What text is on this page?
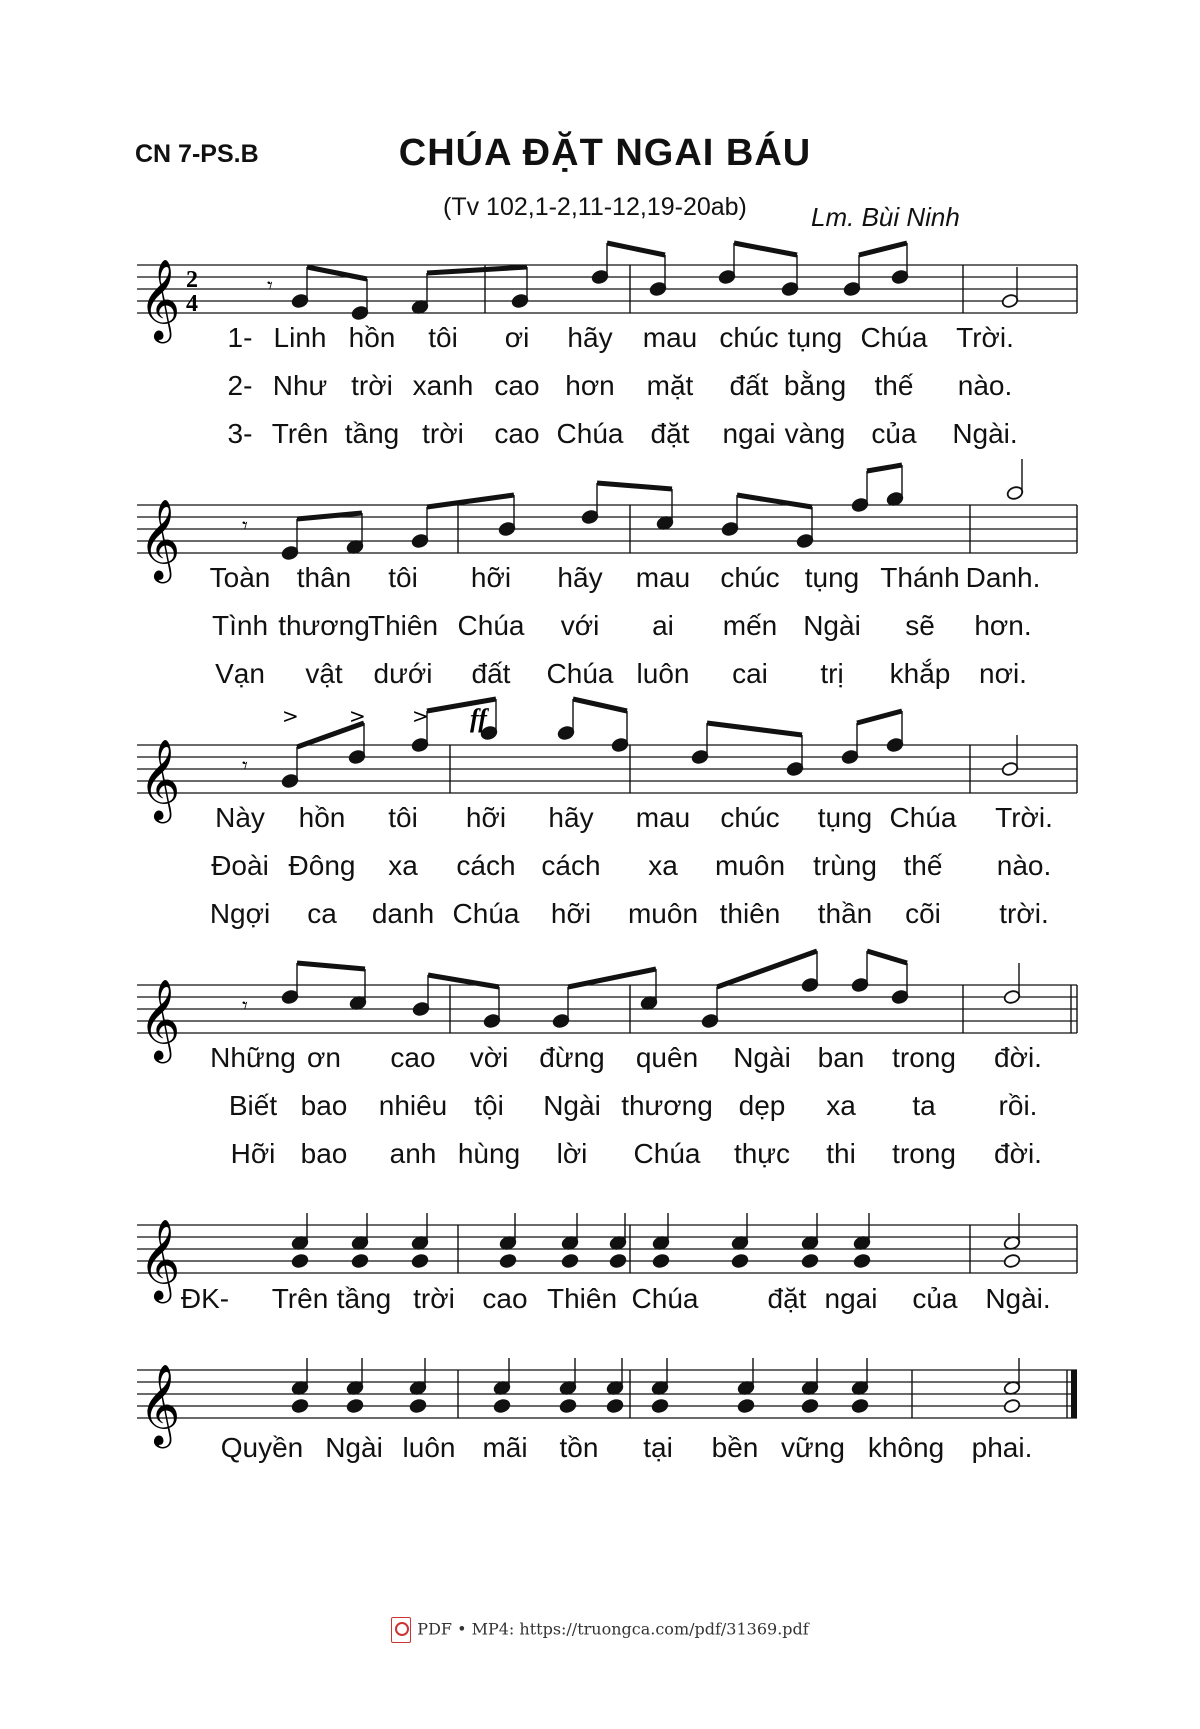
CN 7-PS.B	CHÚA ĐẶT NGAI BÁU
(Tv 102,1-2,11-12,19-20ab) Lm. Bùi Ninh
𝄞 2
4
𝄾
𝄞	𝄾
𝄞	𝄾
ff
>	> >
𝄞	𝄾
𝄞
𝄞
1- Linh hồn tôi ơi hãy mau chúc tụng Chúa Trời.
2- Như trời xanh cao hơn mặt đất bằng thế nào.
3- Trên tầng trời cao Chúa đặt ngai vàng của Ngài.
Toàn thân tôi hỡi hãy mau chúc tụng Thánh Danh.
Tình thương
Thiên Chúa với ai mến Ngài sẽ hơn.
Vạn vật dưới đất Chúa luôn cai trị khắp nơi.
Này hồn tôi hỡi hãy mau chúc tụng Chúa Trời.
Đoài Đông xa cách cách xa muôn trùng thế nào.
Ngợi ca danh Chúa hỡi muôn thiên thần cõi trời.
Những ơn cao vời đừng quên Ngài ban trong đời.
Biết bao nhiêu tội Ngài thương dẹp xa ta rồi.
Hỡi bao anh hùng lời Chúa thực thi trong đời.
ĐK- Trên tầng trời cao Thiên Chúa đặt ngai của Ngài.
Quyền Ngài luôn mãi tồn tại bền vững không phai.
PDF • MP4: https://truongca.com/pdf/31369.pdf
